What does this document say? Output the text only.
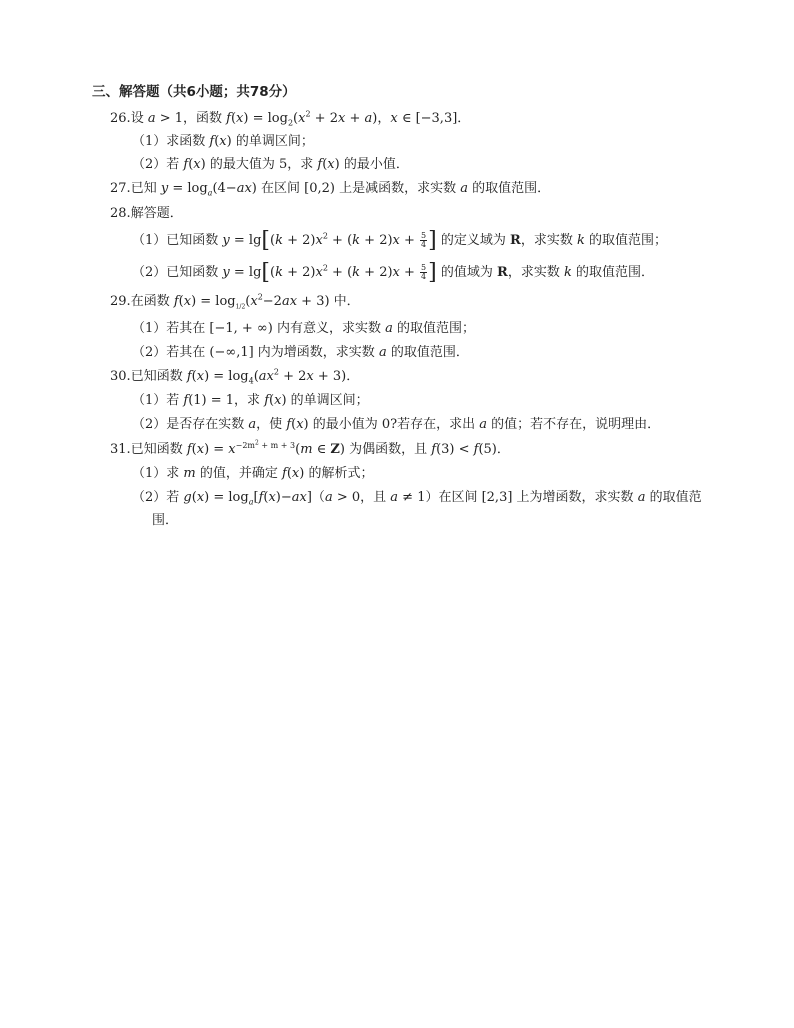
三、解答题（共6小题；共78分）
26.设 a > 1，函数 $f(x) = \log_2(x^2 + 2x + a)$，x ∈ [−3,3]．
（1）求函数 f(x) 的单调区间；
（2）若 f(x) 的最大值为 5，求 f(x) 的最小值．
27.已知 $y = \log_a(4-ax)$ 在区间 [0,2) 上是减函数，求实数 a 的取值范围．
28.解答题．
（1）已知函数 $y = \lg[(k + 2)x^2 + (k + 2)x + \frac{5}{4}$ ] 的定义域为 R，求实数 k 的取值范围；
（2）已知函数 $y = \lg[(k + 2)x^2 + (k + 2)x + \frac{5}{4}$ ] 的值域为 R，求实数 k 的取值范围．
29.在函数 $f(x) = \log_{1/2}(x^2-2ax + 3)$ 中．
（1）若其在 [−1, + ∞) 内有意义，求实数 a 的取值范围；
（2）若其在 (−∞,1] 内为增函数，求实数 a 的取值范围．
30.已知函数 $f(x) = \log_4(ax^2 + 2x + 3)$．
（1）若 f(1) = 1，求 f(x) 的单调区间；
（2）是否存在实数 a，使 f(x) 的最小值为 0?若存在，求出 a 的值；若不存在，说明理由．
31.已知函数 $f(x) = x^{-2m^2 + m + 3}(m$ ∈ Z) 为偶函数，且 f(3) < f(5)．
（1）求 m 的值，并确定 f(x) 的解析式；
（2）若 $g(x) = \log_a[f(x)-ax](a > 0$，且 a ≠ 1）在区间 [2,3] 上为增函数，求实数 a 的取值范
围．
